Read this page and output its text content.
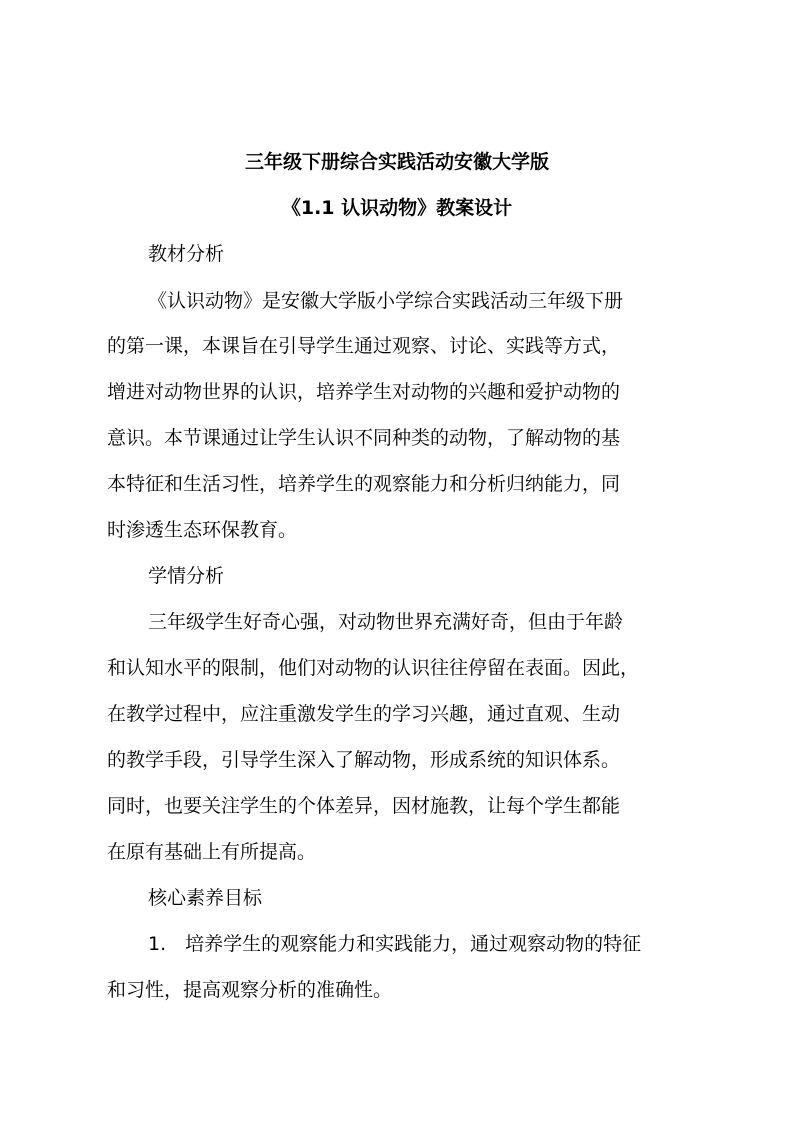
三年级下册综合实践活动安徽大学版
《1.1 认识动物》教案设计
教材分析
《认识动物》是安徽大学版小学综合实践活动三年级下册
的第一课，本课旨在引导学生通过观察、讨论、实践等方式，
增进对动物世界的认识，培养学生对动物的兴趣和爱护动物的
意识。本节课通过让学生认识不同种类的动物，了解动物的基
本特征和生活习性，培养学生的观察能力和分析归纳能力，同
时渗透生态环保教育。
学情分析
三年级学生好奇心强，对动物世界充满好奇，但由于年龄
和认知水平的限制，他们对动物的认识往往停留在表面。因此，
在教学过程中，应注重激发学生的学习兴趣，通过直观、生动
的教学手段，引导学生深入了解动物，形成系统的知识体系。
同时，也要关注学生的个体差异，因材施教，让每个学生都能
在原有基础上有所提高。
核心素养目标
1.　培养学生的观察能力和实践能力，通过观察动物的特征
和习性，提高观察分析的准确性。
